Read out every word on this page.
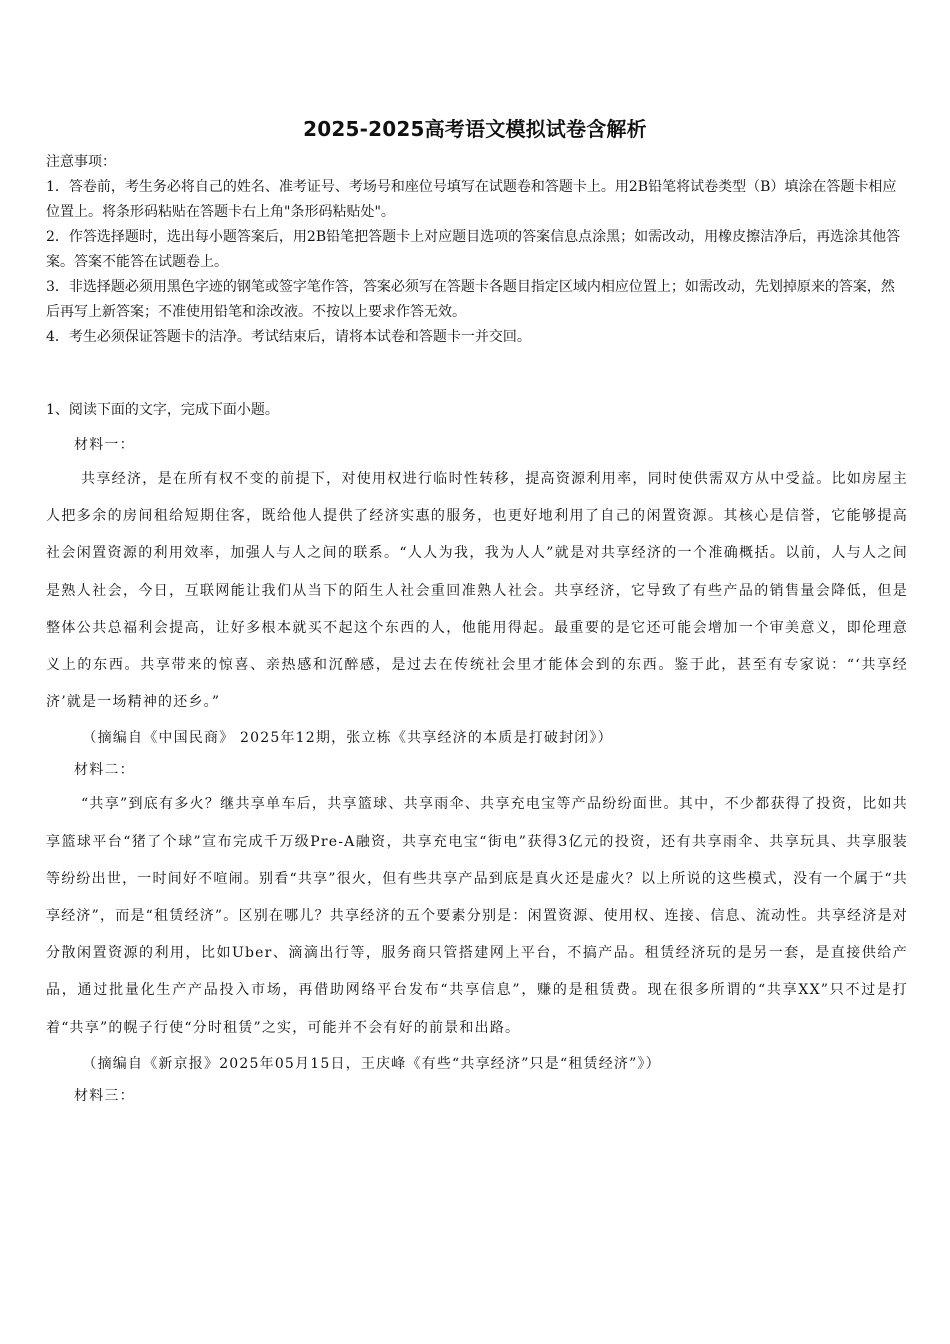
2025-2025高考语文模拟试卷含解析

注意事项：

1．答卷前，考生务必将自己的姓名、准考证号、考场号和座位号填写在试题卷和答题卡上。用2B铅笔将试卷类型（B）填涂在答题卡相应位置上。将条形码粘贴在答题卡右上角"条形码粘贴处"。

2．作答选择题时，选出每小题答案后，用2B铅笔把答题卡上对应题目选项的答案信息点涂黑；如需改动，用橡皮擦洁净后，再选涂其他答案。答案不能答在试题卷上。

3．非选择题必须用黑色字迹的钢笔或签字笔作答，答案必须写在答题卡各题目指定区域内相应位置上；如需改动，先划掉原来的答案，然后再写上新答案；不准使用铅笔和涂改液。不按以上要求作答无效。

4．考生必须保证答题卡的洁净。考试结束后，请将本试卷和答题卡一并交回。

1、阅读下面的文字，完成下面小题。

材料一：

共享经济，是在所有权不变的前提下，对使用权进行临时性转移，提高资源利用率，同时使供需双方从中受益。比如房屋主人把多余的房间租给短期住客，既给他人提供了经济实惠的服务，也更好地利用了自己的闲置资源。其核心是信誉，它能够提高社会闲置资源的利用效率，加强人与人之间的联系。“人人为我，我为人人”就是对共享经济的一个准确概括。以前，人与人之间是熟人社会，今日，互联网能让我们从当下的陌生人社会重回准熟人社会。共享经济，它导致了有些产品的销售量会降低，但是整体公共总福利会提高，让好多根本就买不起这个东西的人，他能用得起。最重要的是它还可能会增加一个审美意义，即伦理意义上的东西。共享带来的惊喜、亲热感和沉醉感，是过去在传统社会里才能体会到的东西。鉴于此，甚至有专家说：“‘共享经济’就是一场精神的还乡。”

（摘编自《中国民商》 2025年12期，张立栋《共享经济的本质是打破封闭》）

材料二：

“共享”到底有多火？继共享单车后，共享篮球、共享雨伞、共享充电宝等产品纷纷面世。其中，不少都获得了投资，比如共享篮球平台“猪了个球”宣布完成千万级Pre-A融资，共享充电宝“街电”获得3亿元的投资，还有共享雨伞、共享玩具、共享服装等纷纷出世，一时间好不喧闹。别看“共享”很火，但有些共享产品到底是真火还是虚火？以上所说的这些模式，没有一个属于“共享经济”，而是“租赁经济”。区别在哪儿？共享经济的五个要素分别是：闲置资源、使用权、连接、信息、流动性。共享经济是对分散闲置资源的利用，比如Uber、滴滴出行等，服务商只管搭建网上平台，不搞产品。租赁经济玩的是另一套，是直接供给产品，通过批量化生产产品投入市场，再借助网络平台发布“共享信息”，赚的是租赁费。现在很多所谓的“共享XX”只不过是打着“共享”的幌子行使“分时租赁”之实，可能并不会有好的前景和出路。

（摘编自《新京报》2025年05月15日，王庆峰《有些“共享经济”只是“租赁经济”》）

材料三：
